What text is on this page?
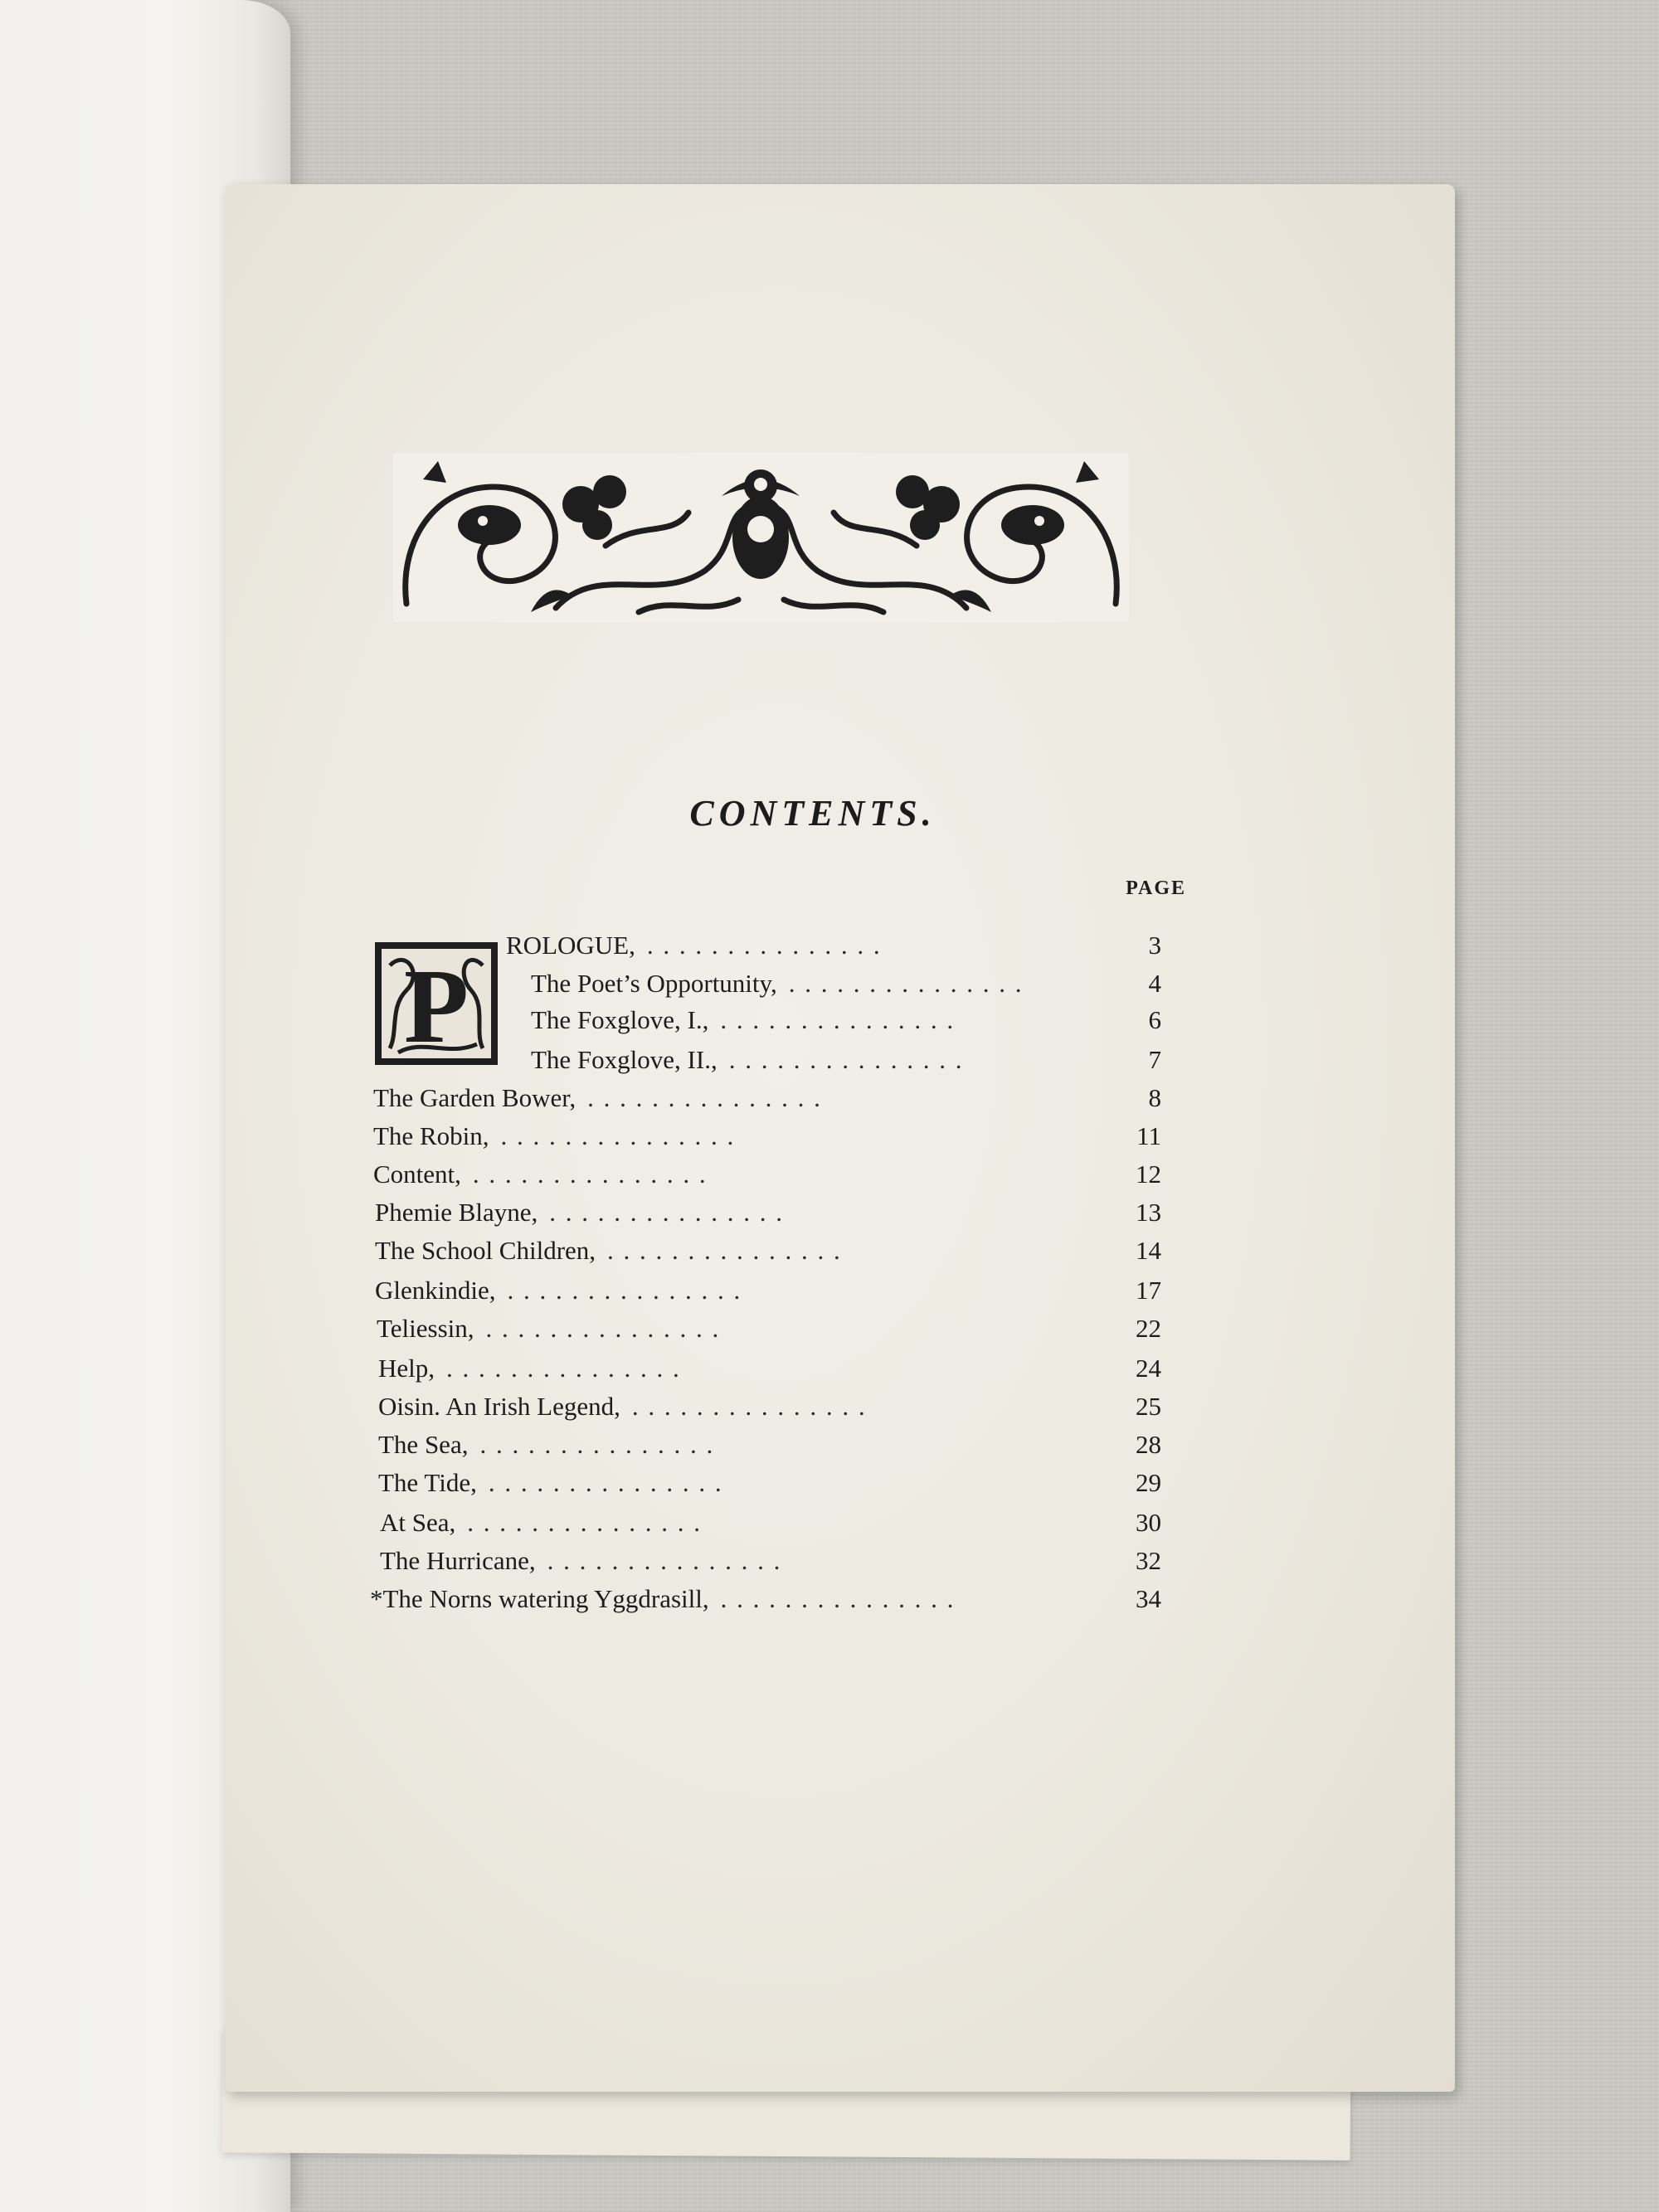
CONTENTS.
PAGE
P
ROLOGUE, .	3
The Poet’s Opportunity, .	4
The Foxglove, I., .	6
The Foxglove, II., .	7
The Garden Bower, .	8
The Robin, .	11
Content, .	12
Phemie Blayne, .	13
The School Children, .	14
Glenkindie, .	17
Teliessin, .	22
Help, .	24
Oisin. An Irish Legend, .	25
The Sea, .	28
The Tide, .	29
At Sea, .	30
The Hurricane, .	32
*The Norns watering Yggdrasill, .	34
